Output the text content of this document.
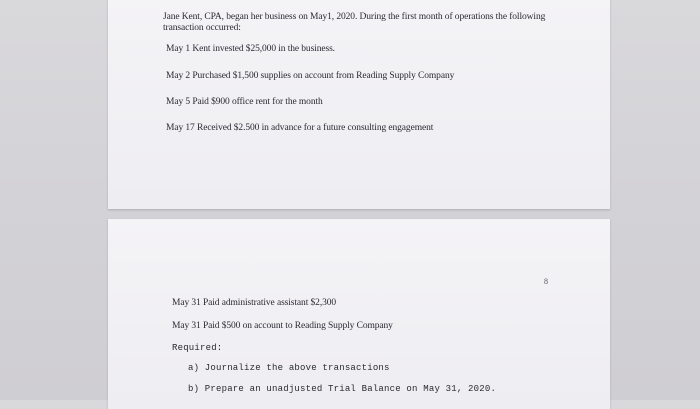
Jane Kent, CPA, began her business on May1, 2020. During the first month of operations the following transaction occurred:
May 1 Kent invested $25,000 in the business.
May 2 Purchased $1,500 supplies on account from Reading Supply Company
May 5 Paid $900 office rent for the month
May 17 Received $2.500 in advance for a future consulting engagement
8
May 31 Paid administrative assistant $2,300
May 31 Paid $500 on account to Reading Supply Company
Required:
a) Journalize the above transactions
b) Prepare an unadjusted Trial Balance on May 31, 2020.
